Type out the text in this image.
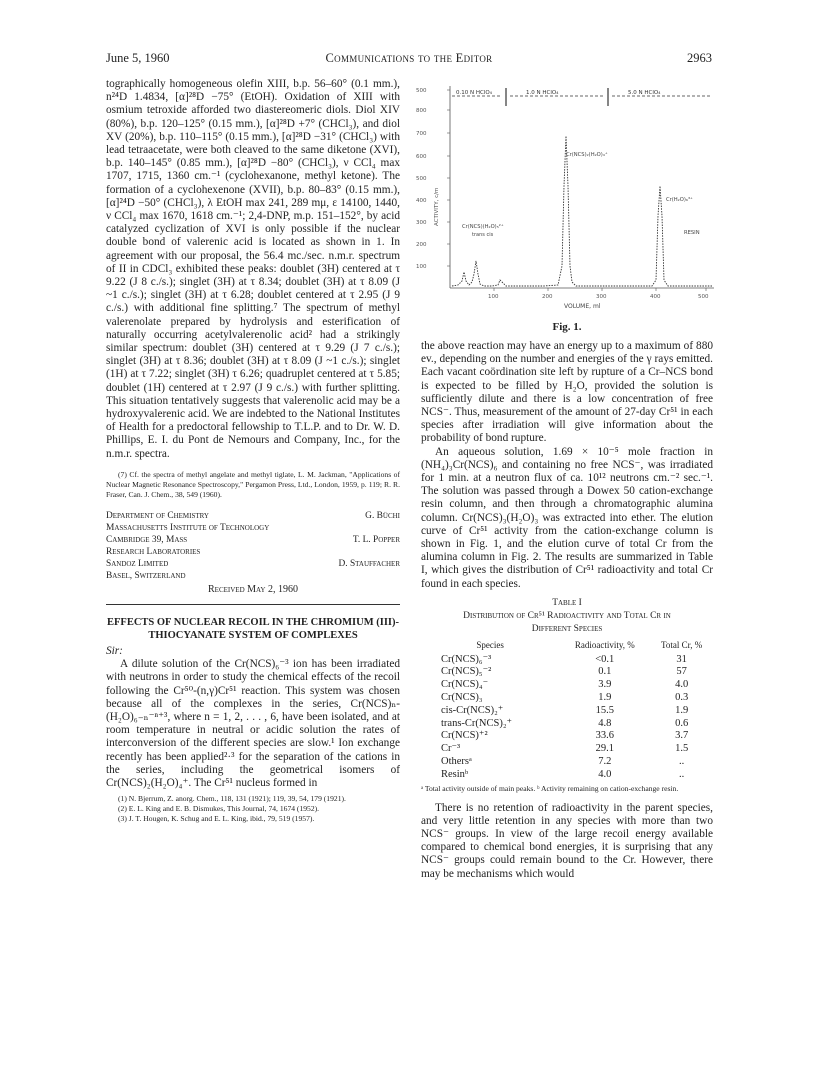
June 5, 1960	Communications to the Editor	2963

tographically homogeneous olefin XIII, b.p. 56–60° (0.1 mm.), n²⁴D 1.4834, [α]²⁸D −75° (EtOH). Oxidation of XIII with osmium tetroxide afforded two diastereomeric diols. Diol XIV (80%), b.p. 120–125° (0.15 mm.), [α]²⁸D +7° (CHCl₃), and diol XV (20%), b.p. 110–115° (0.15 mm.), [α]²⁸D −31° (CHCl₃) with lead tetraacetate, were both cleaved to the same diketone (XVI), b.p. 140–145° (0.85 mm.), [α]²⁸D −80° (CHCl₃), ν CCl₄ max 1707, 1715, 1360 cm.⁻¹ (cyclohexanone, methyl ketone). The formation of a cyclohexenone (XVII), b.p. 80–83° (0.15 mm.), [α]²⁴D −50° (CHCl₃), λ EtOH max 241, 289 mμ, ε 14100, 1440, ν CCl₄ max 1670, 1618 cm.⁻¹; 2,4-DNP, m.p. 151–152°, by acid catalyzed cyclization of XVI is only possible if the nuclear double bond of valerenic acid is located as shown in 1. In agreement with our proposal, the 56.4 mc./sec. n.m.r. spectrum of II in CDCl₃ exhibited these peaks: doublet (3H) centered at τ 9.22 (J 8 c./s.); singlet (3H) at τ 8.34; doublet (3H) at τ 8.09 (J ~1 c./s.); singlet (3H) at τ 6.28; doublet centered at τ 2.95 (J 9 c./s.) with additional fine splitting.⁷ The spectrum of methyl valerenolate prepared by hydrolysis and esterification of naturally occurring acetylvalerenolic acid² had a strikingly similar spectrum: doublet (3H) centered at τ 9.29 (J 7 c./s.); singlet (3H) at τ 8.36; doublet (3H) at τ 8.09 (J ~1 c./s.); singlet (1H) at τ 7.22; singlet (3H) τ 6.26; quadruplet centered at τ 5.85; doublet (1H) centered at τ 2.97 (J 9 c./s.) with further splitting. This situation tentatively suggests that valerenolic acid may be a hydroxyvalerenic acid. We are indebted to the National Institutes of Health for a predoctoral fellowship to T.L.P. and to Dr. W. D. Phillips, E. I. du Pont de Nemours and Company, Inc., for the n.m.r. spectra.

(7) Cf. the spectra of methyl angelate and methyl tiglate, L. M. Jackman, "Applications of Nuclear Magnetic Resonance Spectroscopy," Pergamon Press, Ltd., London, 1959, p. 119; R. R. Fraser, Can. J. Chem., 38, 549 (1960).

Department of Chemistry	G. Büchi
Massachusetts Institute of Technology
Cambridge 39, Mass	T. L. Popper
Research Laboratories
Sandoz Limited	D. Stauffacher
Basel, Switzerland
Received May 2, 1960
EFFECTS OF NUCLEAR RECOIL IN THE CHROMIUM (III)-THIOCYANATE SYSTEM OF COMPLEXES
Sir:

A dilute solution of the Cr(NCS)₆⁻³ ion has been irradiated with neutrons in order to study the chemical effects of the recoil following the Cr⁵⁰-(n,γ)Cr⁵¹ reaction. This system was chosen because all of the complexes in the series, Cr(NCS)ₙ-(H₂O)₆₋ₙ⁻ⁿ⁺³, where n = 1, 2, . . . , 6, have been isolated, and at room temperature in neutral or acidic solution the rates of interconversion of the different species are slow.¹ Ion exchange recently has been applied²·³ for the separation of the cations in the series, including the geometrical isomers of Cr(NCS)₂(H₂O)₄⁺. The Cr⁵¹ nucleus formed in

(1) N. Bjerrum, Z. anorg. Chem., 118, 131 (1921); 119, 39, 54, 179 (1921).

(2) E. L. King and E. B. Dismukes, This Journal, 74, 1674 (1952).

(3) J. T. Hougen, K. Schug and E. L. King, ibid., 79, 519 (1957).

500
800
700
600
500
400
300
200
100
ACTIVITY, c/m
100	200	300	400	500
VOLUME, ml
0.10 N HClO₄	1.0 N HClO₄	5.0 N HClO₄
Cr(NCS)₂(H₂O)₄⁺
Cr(NCS)(H₂O)₅²⁺
trans cis
Cr(H₂O)₆³⁺
RESIN
Fig. 1.

the above reaction may have an energy up to a maximum of 880 ev., depending on the number and energies of the γ rays emitted. Each vacant coördination site left by rupture of a Cr–NCS bond is expected to be filled by H₂O, provided the solution is sufficiently dilute and there is a low concentration of free NCS⁻. Thus, measurement of the amount of 27-day Cr⁵¹ in each species after irradiation will give information about the probability of bond rupture.

An aqueous solution, 1.69 × 10⁻⁵ mole fraction in (NH₄)₃Cr(NCS)₆ and containing no free NCS⁻, was irradiated for 1 min. at a neutron flux of ca. 10¹² neutrons cm.⁻² sec.⁻¹. The solution was passed through a Dowex 50 cation-exchange resin column, and then through a chromatographic alumina column. Cr(NCS)₃(H₂O)₃ was extracted into ether. The elution curve of Cr⁵¹ activity from the cation-exchange column is shown in Fig. 1, and the elution curve of total Cr from the alumina column in Fig. 2. The results are summarized in Table I, which gives the distribution of Cr⁵¹ radioactivity and total Cr found in each species.

Table I
Distribution of Cr⁵¹ Radioactivity and Total Cr in
Different Species
Species	Radioactivity, %	Total Cr, %
Cr(NCS)₆⁻³	<0.1	31
Cr(NCS)₅⁻²	0.1	57
Cr(NCS)₄⁻	3.9	4.0
Cr(NCS)₃	1.9	0.3
cis-Cr(NCS)₂⁺	15.5	1.9
trans-Cr(NCS)₂⁺	4.8	0.6
Cr(NCS)⁺²	33.6	3.7
Cr⁻³	29.1	1.5
Othersᵃ	7.2	..
Resinᵇ	4.0	..
ᵃ Total activity outside of main peaks. ᵇ Activity remaining on cation-exchange resin.

There is no retention of radioactivity in the parent species, and very little retention in any species with more than two NCS⁻ groups. In view of the large recoil energy available compared to chemical bond energies, it is surprising that any NCS⁻ groups could remain bound to the Cr. However, there may be mechanisms which would
